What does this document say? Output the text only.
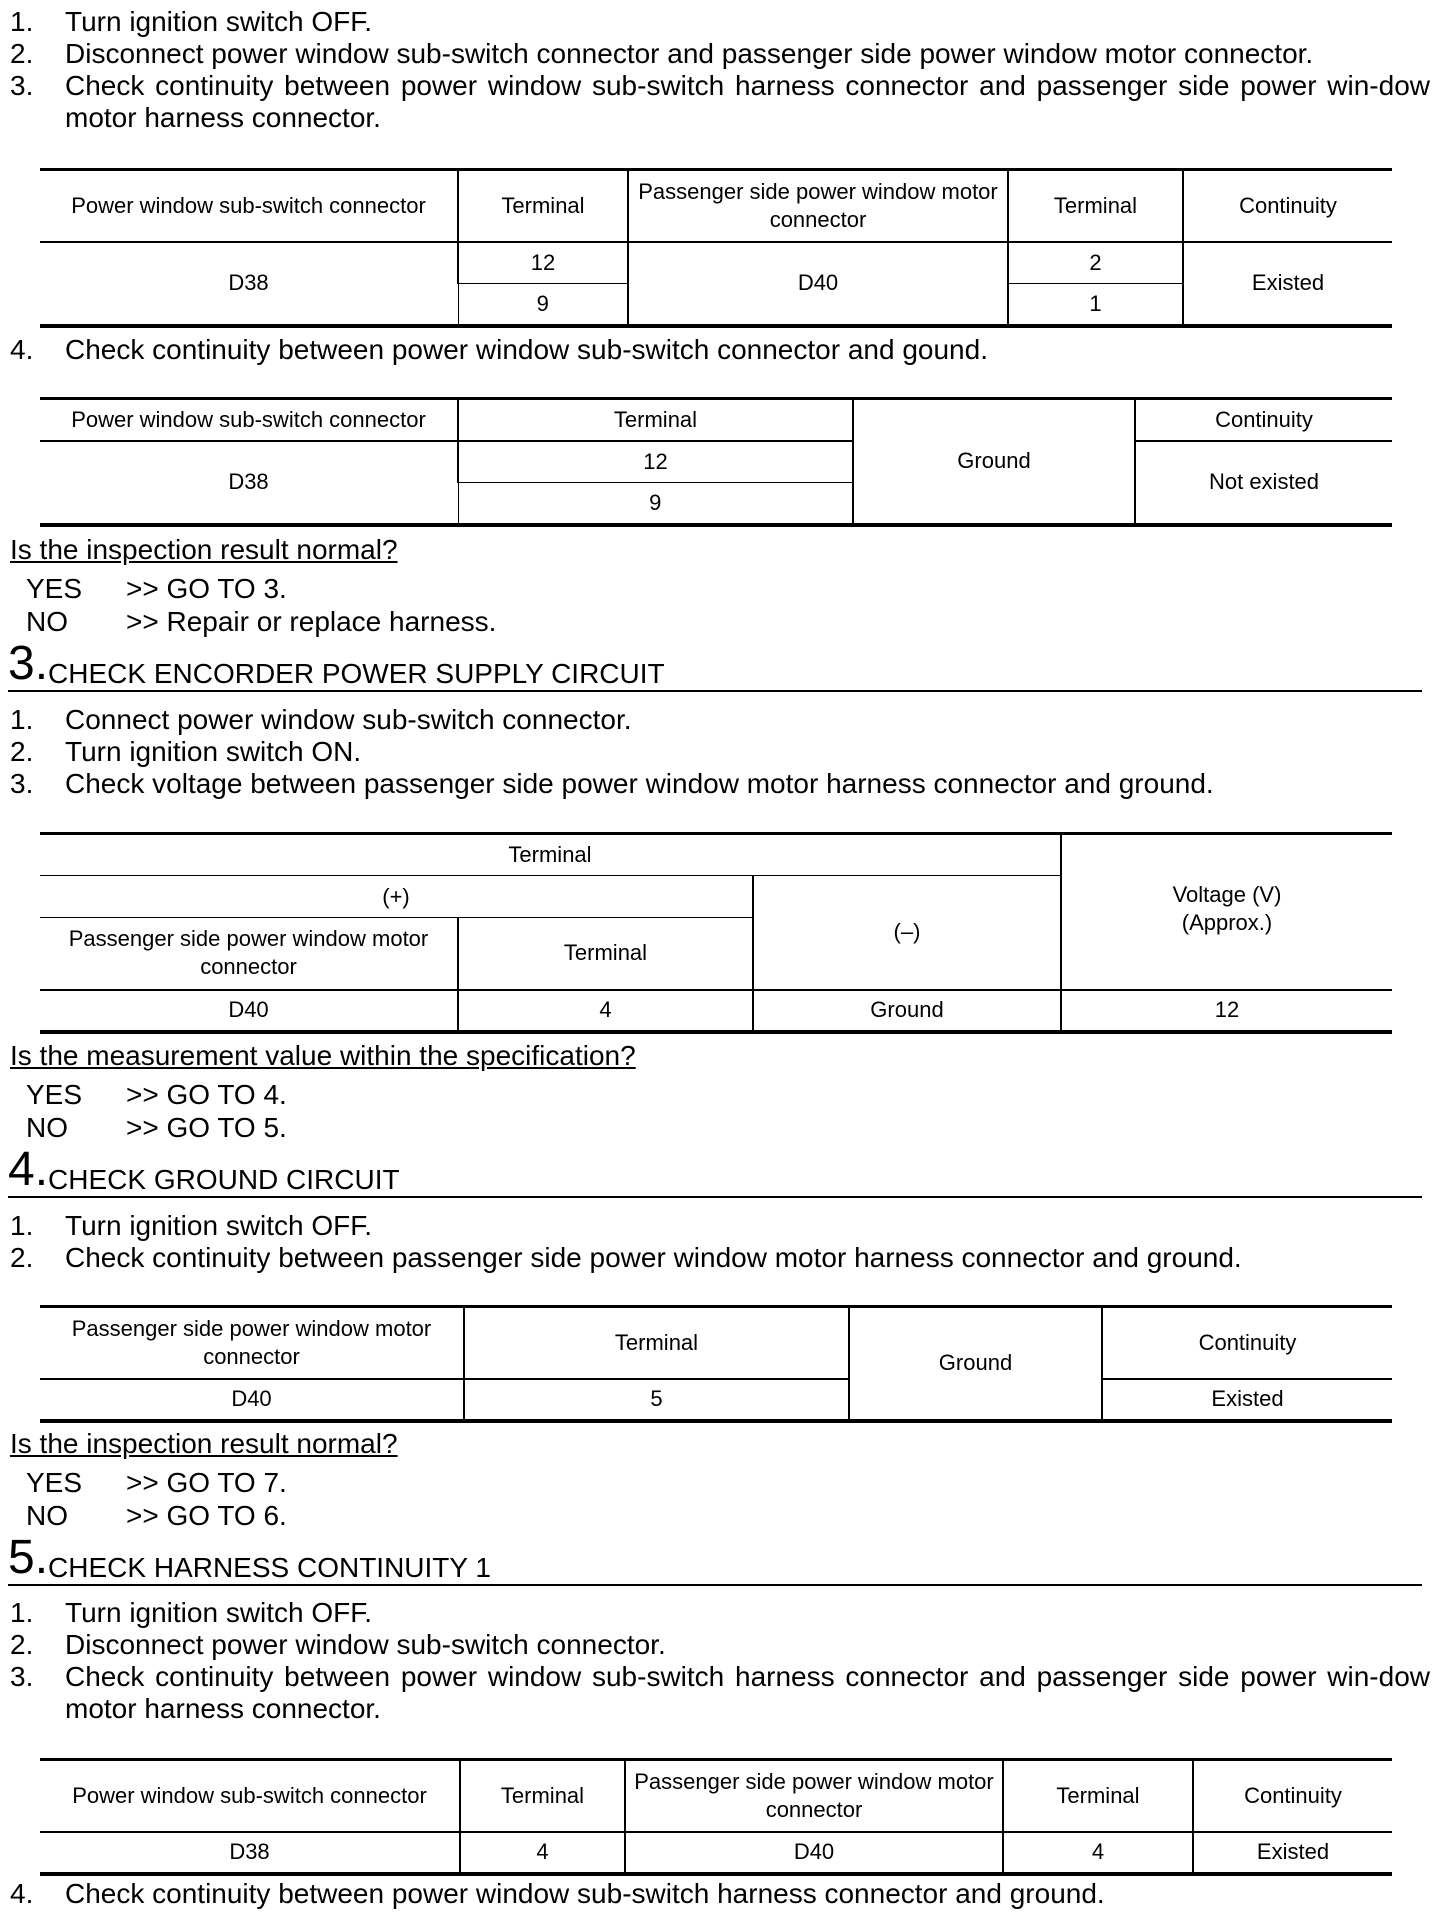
1.	Turn ignition switch OFF.
2.	Disconnect power window sub-switch connector and passenger side power window motor connector.
3.	Check continuity between power window sub-switch harness connector and passenger side power win-dow motor harness connector.
Power window sub-switch connector	Terminal	Passenger side power window motor connector	Terminal	Continuity
D38	12	D40	2	Existed
	9		1	
4.	Check continuity between power window sub-switch connector and gound.
Power window sub-switch connector	Terminal	Ground	Continuity
D38	12		Not existed
	9		
Is the inspection result normal?
YES >> GO TO 3.
NO >> Repair or replace harness.
3.CHECK ENCORDER POWER SUPPLY CIRCUIT
1.	Connect power window sub-switch connector.
2.	Turn ignition switch ON.
3.	Check voltage between passenger side power window motor harness connector and ground.
Terminal			Voltage (V)
(Approx.)
(+)		(–)	
Passenger side power window motor connector	Terminal		
D40	4	Ground	12
Is the measurement value within the specification?
YES >> GO TO 4.
NO >> GO TO 5.
4.CHECK GROUND CIRCUIT
1.	Turn ignition switch OFF.
2.	Check continuity between passenger side power window motor harness connector and ground.
Passenger side power window motor connector	Terminal	Ground	Continuity
D40	5		Existed
Is the inspection result normal?
YES >> GO TO 7.
NO >> GO TO 6.
5.CHECK HARNESS CONTINUITY 1
1.	Turn ignition switch OFF.
2.	Disconnect power window sub-switch connector.
3.	Check continuity between power window sub-switch harness connector and passenger side power win-dow motor harness connector.
Power window sub-switch connector	Terminal	Passenger side power window motor connector	Terminal	Continuity
D38	4	D40	4	Existed
4.	Check continuity between power window sub-switch harness connector and ground.
